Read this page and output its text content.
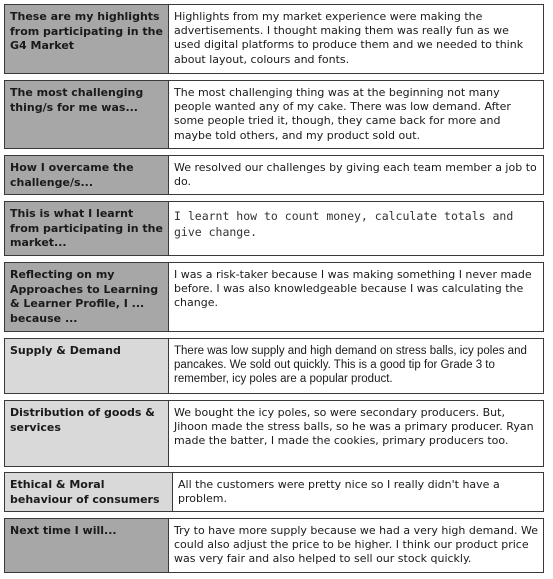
These are my highlights from participating in the G4 Market
Highlights from my market experience were making the advertisements. I thought making them was really fun as we used digital platforms to produce them and we needed to think about layout, colours and fonts.
The most challenging thing/s for me was...
The most challenging thing was at the beginning not many people wanted any of my cake. There was low demand. After some people tried it, though, they came back for more and maybe told others, and my product sold out.
How I overcame the challenge/s...
We resolved our challenges by giving each team member a job to do.
This is what I learnt from participating in the market...
I learnt how to count money, calculate totals and give change.
Reflecting on my Approaches to Learning & Learner Profile, I ... because ...
I was a risk-taker because I was making something I never made before. I was also knowledgeable because I was calculating the change.
Supply & Demand	There was low supply and high demand on stress balls, icy poles and pancakes. We sold out quickly. This is a good tip for Grade 3 to remember, icy poles are a popular product.
Distribution of goods & services
We bought the icy poles, so were secondary producers. But, Jihoon made the stress balls, so he was a primary producer. Ryan made the batter, I made the cookies, primary producers too.
Ethical & Moral behaviour of consumers
All the customers were pretty nice so I really didn't have a problem.
Next time I will...	Try to have more supply because we had a very high demand. We could also adjust the price to be higher. I think our product price was very fair and also helped to sell our stock quickly.
